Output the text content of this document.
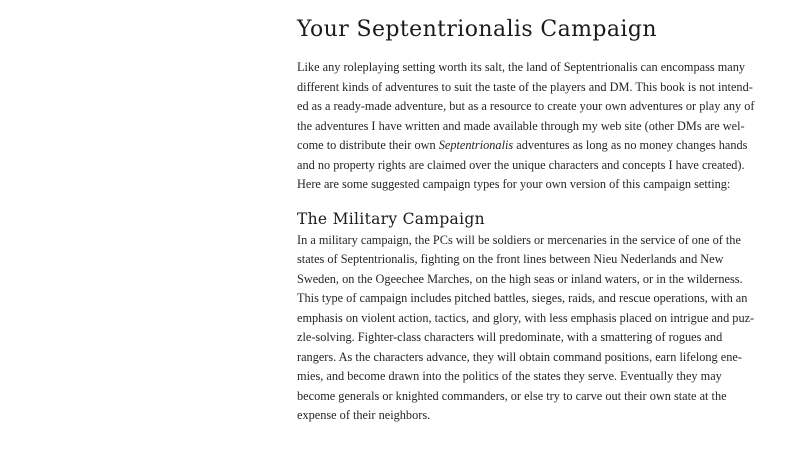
Your Septentrionalis Campaign
Like any roleplaying setting worth its salt, the land of Septentrionalis can encompass many
different kinds of adventures to suit the taste of the players and DM. This book is not intend-
ed as a ready-made adventure, but as a resource to create your own adventures or play any of
the adventures I have written and made available through my web site (other DMs are wel-
come to distribute their own Septentrionalis adventures as long as no money changes hands
and no property rights are claimed over the unique characters and concepts I have created).
Here are some suggested campaign types for your own version of this campaign setting:
The Military Campaign
In a military campaign, the PCs will be soldiers or mercenaries in the service of one of the
states of Septentrionalis, fighting on the front lines between Nieu Nederlands and New
Sweden, on the Ogeechee Marches, on the high seas or inland waters, or in the wilderness.
This type of campaign includes pitched battles, sieges, raids, and rescue operations, with an
emphasis on violent action, tactics, and glory, with less emphasis placed on intrigue and puz-
zle-solving. Fighter-class characters will predominate, with a smattering of rogues and
rangers. As the characters advance, they will obtain command positions, earn lifelong ene-
mies, and become drawn into the politics of the states they serve. Eventually they may
become generals or knighted commanders, or else try to carve out their own state at the
expense of their neighbors.
